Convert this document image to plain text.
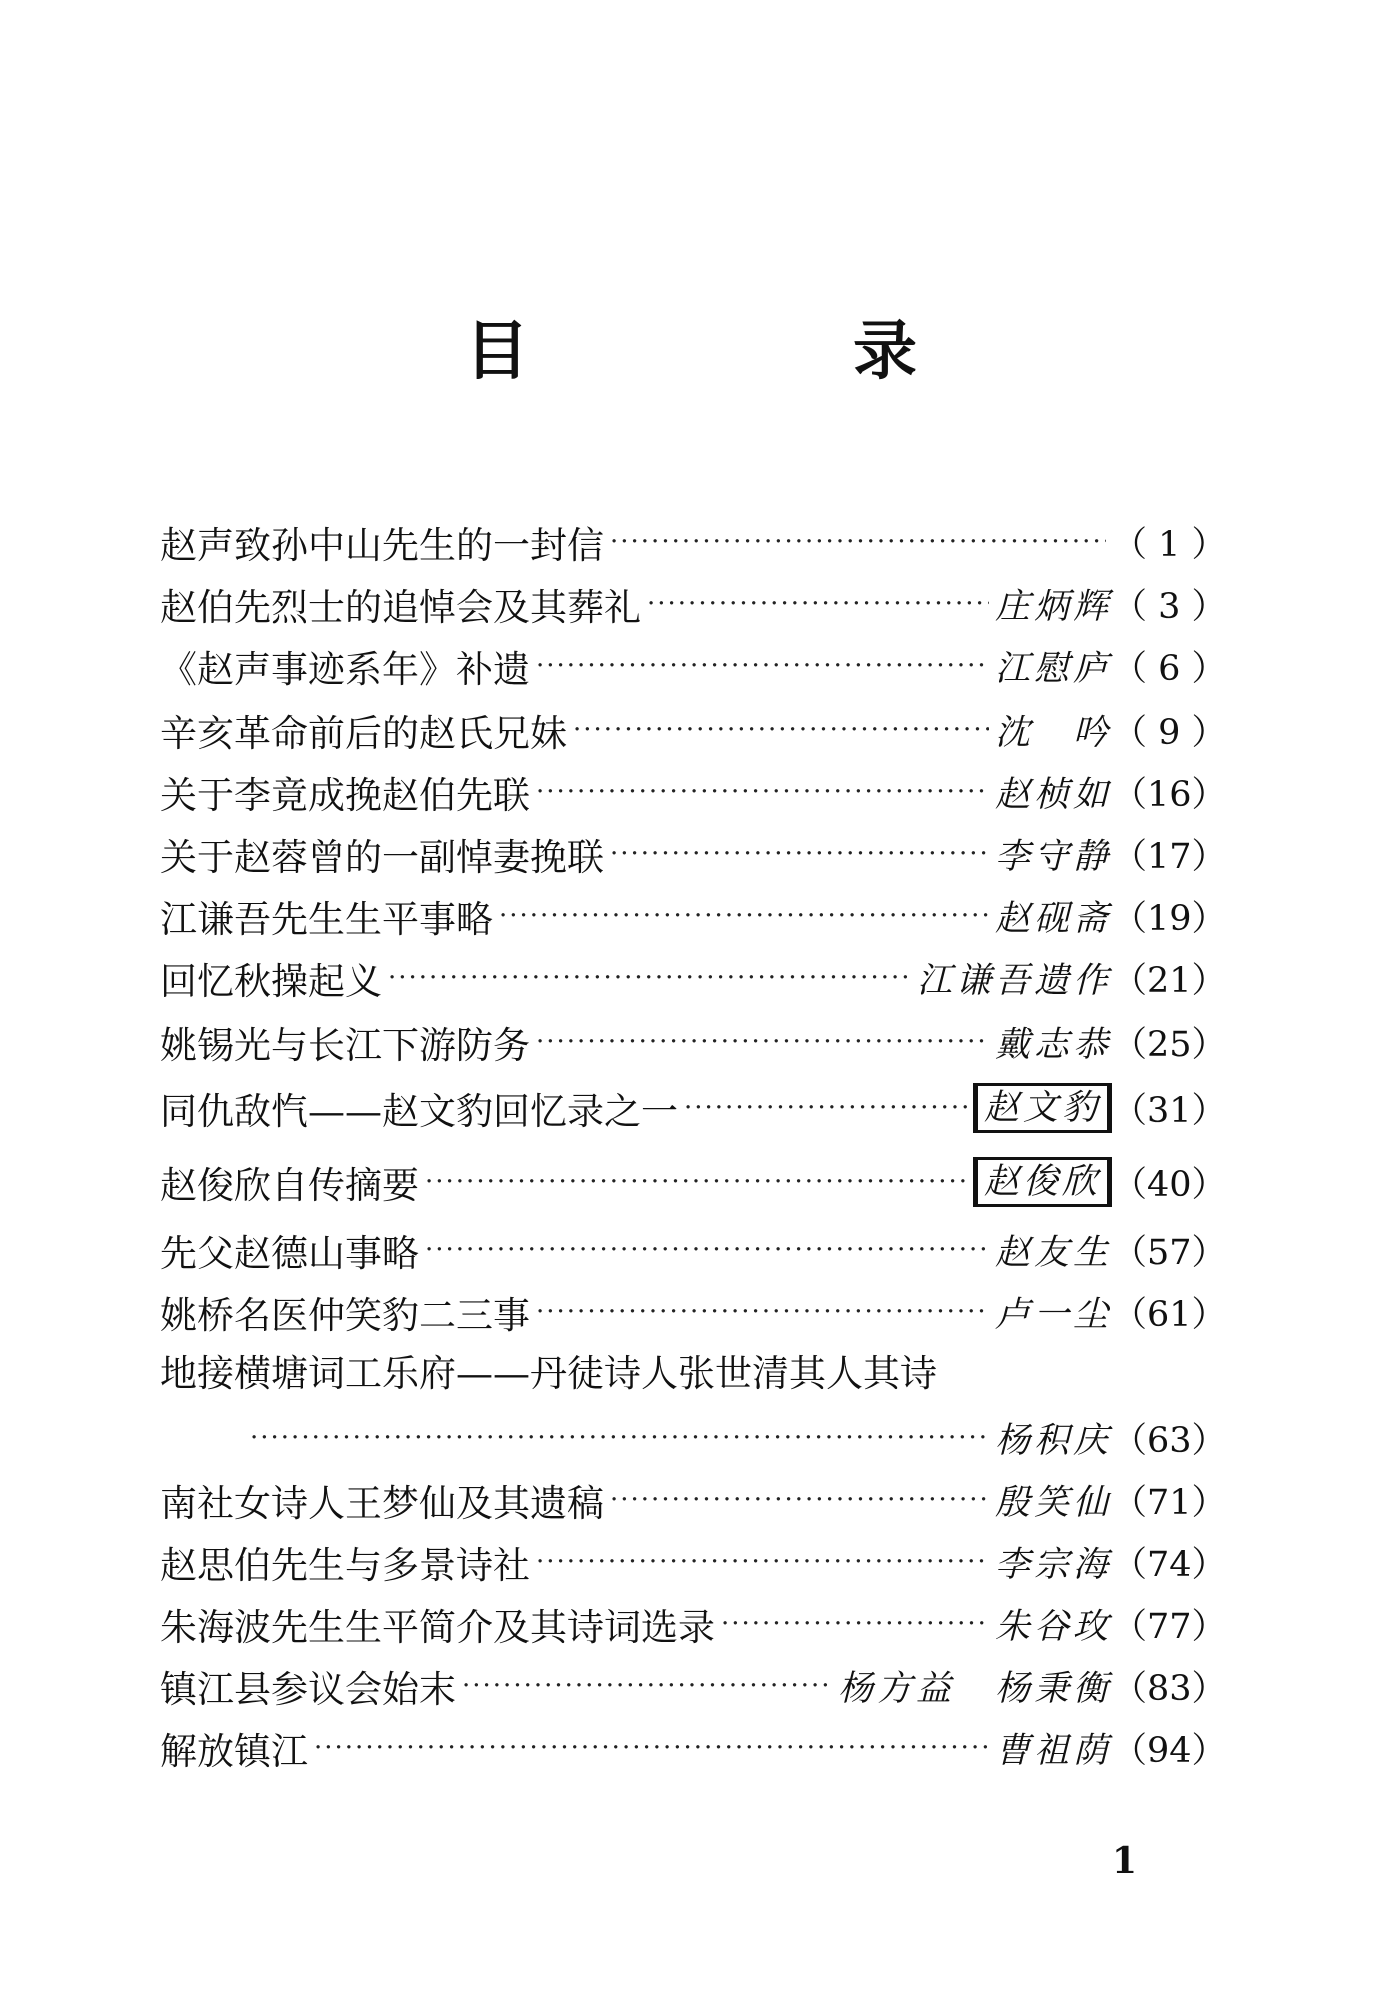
目　录
赵声致孙中山先生的一封信 ·····	（ 1 ）
赵伯先烈士的追悼会及其葬礼 ·····	庄炳辉 （ 3 ）
《赵声事迹系年》补遗 ·····	江慰庐 （ 6 ）
辛亥革命前后的赵氏兄妹 ·····	沈　吟 （ 9 ）
关于李竟成挽赵伯先联 ·····	赵桢如 （16）
关于赵蓉曾的一副悼妻挽联 ·····	李守静 （17）
江谦吾先生生平事略 ·····	赵砚斋 （19）
回忆秋操起义 ·····	江谦吾遗作 （21）
姚锡光与长江下游防务 ·····	戴志恭 （25）
同仇敌忾——赵文豹回忆录之一 ·····	赵文豹 （31）
赵俊欣自传摘要 ·····	赵俊欣 （40）
先父赵德山事略 ·····	赵友生 （57）
姚桥名医仲笑豹二三事 ·····	卢一尘 （61）
地接横塘词工乐府——丹徒诗人张世清其人其诗
·····
杨积庆 （63）
南社女诗人王梦仙及其遗稿 ·····	殷笑仙 （71）
赵思伯先生与多景诗社 ·····	李宗海 （74）
朱海波先生生平简介及其诗词选录 ·····	朱谷玫 （77）
镇江县参议会始末 ·····	杨方益 杨秉衡 （83）
解放镇江 ·····	曹祖荫 （94）
1
